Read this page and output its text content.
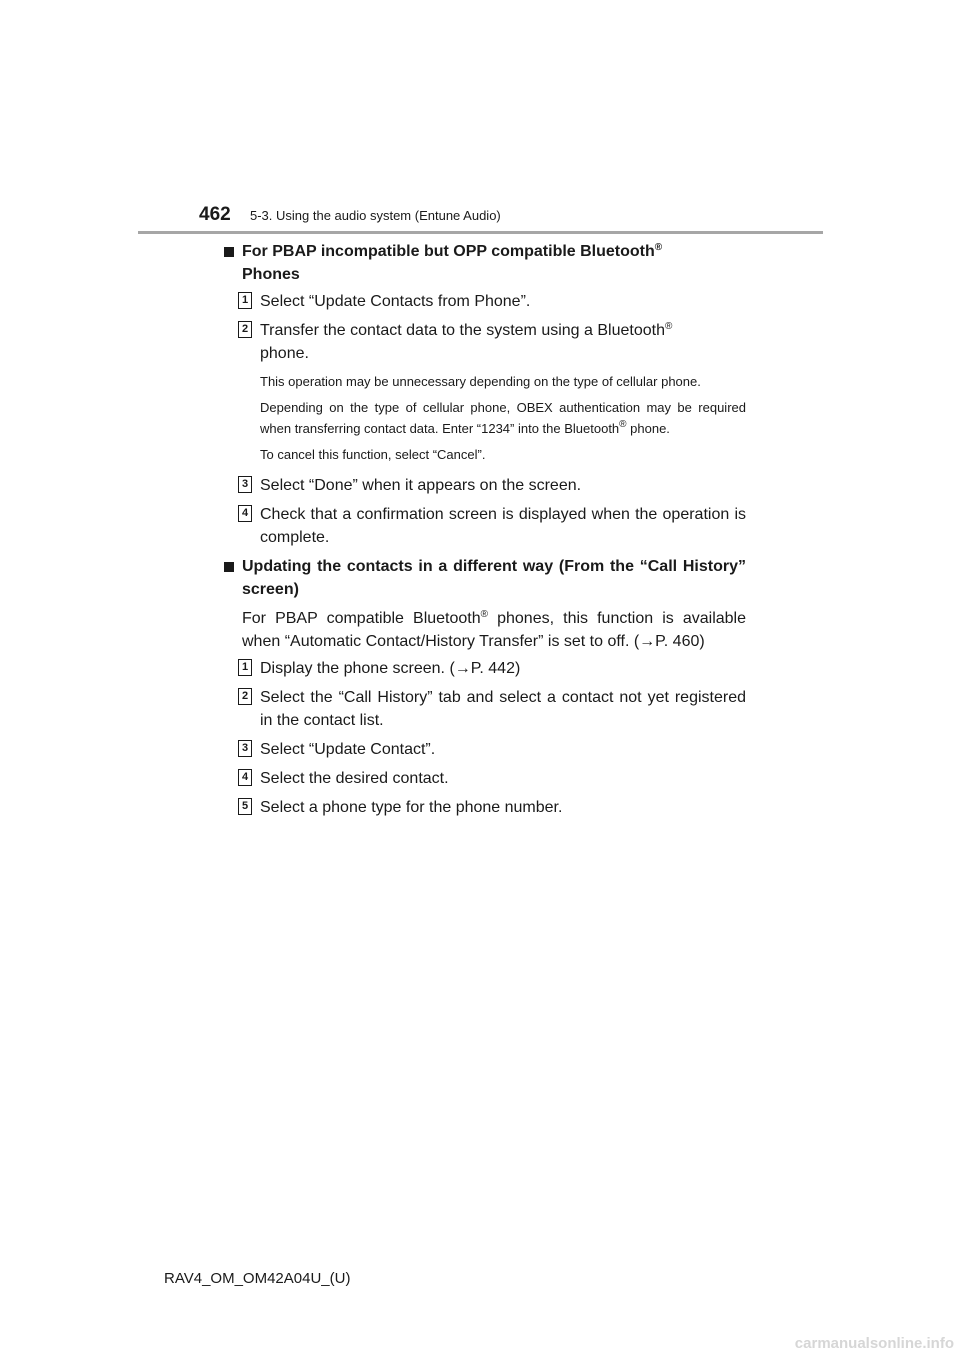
462 5-3. Using the audio system (Entune Audio)
For PBAP incompatible but OPP compatible Bluetooth®
Phones
1 Select “Update Contacts from Phone”.
2 Transfer the contact data to the system using a Bluetooth®
phone.
This operation may be unnecessary depending on the type of cellular phone.
Depending on the type of cellular phone, OBEX authentication may be required when transferring contact data. Enter “1234” into the Bluetooth® phone.
To cancel this function, select “Cancel”.
3 Select “Done” when it appears on the screen.
4 Check that a confirmation screen is displayed when the operation is complete.
Updating the contacts in a different way (From the “Call History” screen)
For PBAP compatible Bluetooth® phones, this function is available when “Automatic Contact/History Transfer” is set to off. (→P. 460)
1 Display the phone screen. (→P. 442)
2 Select the “Call History” tab and select a contact not yet registered in the contact list.
3 Select “Update Contact”.
4 Select the desired contact.
5 Select a phone type for the phone number.
RAV4_OM_OM42A04U_(U)
carmanualsonline.info
